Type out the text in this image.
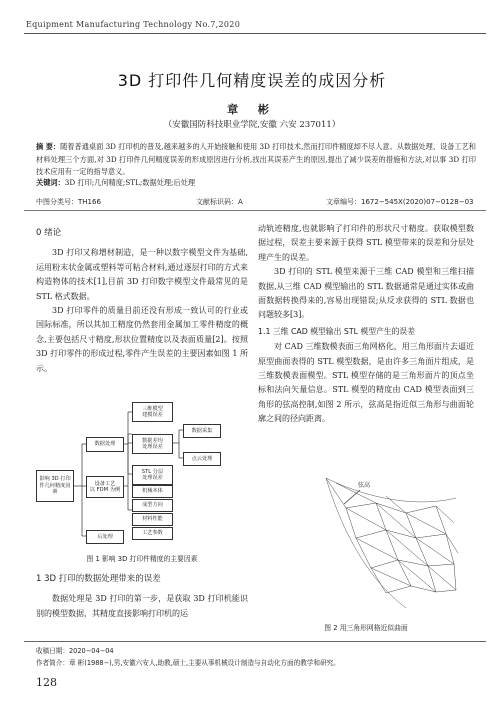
Equipment Manufacturing Technology No.7,2020
3D 打印件几何精度误差的成因分析
章 彬
（安徽国防科技职业学院,安徽 六安 237011）
摘 要：随着普通桌面 3D 打印机的普及,越来越多的人开始接触和使用 3D 打印技术,然而打印件精度却不尽人意。从数据处理、设备工艺和材料处理三个方面,对 3D 打印件几何精度误差的形成原因进行分析,找出其误差产生的原因,提出了减少误差的措施和方法,对以事 3D 打印技术应用有一定的指导意义。
关键词：3D 打印;几何精度;STL;数据处理;后处理
中图分类号：TH166	文献标识码：A	文章编号：1672−545X(2020)07−0128−03
0 绪论

3D 打印又称增材制造，是一种以数字模型文件为基础,运用粉末状金属或塑料等可粘合材料,通过逐层打印的方式来构造物体的技术[1],目前 3D 打印数字模型文件最常见的是 STL 格式数据。

3D 打印零件的质量目前还没有形成一致认可的行业或国际标准，所以其加工精度仍然套用金属加工零件精度的概念,主要包括尺寸精度,形状位置精度以及表面质量[2]。按照 3D 打印零件的形成过程,零件产生误差的主要因素如图 1 所示。

影响 3D 打印件几何精度因素
数据处理
设备工艺
以 FDM 为例
后处理
三维模型
建模误差
数据差均
处理误差
STL 分层
处理误差
数据采集
点云处理
机械本体
成型方向
材料性能
工艺参数
图 1 影响 3D 打印件精度的主要因素
1 3D 打印的数据处理带来的误差

数据处理是 3D 打印的第一步，是获取 3D 打印机能识别的模型数据，其精度直接影响打印机的运

动轨迹精度,也就影响了打印件的形状尺寸精度。获取模型数据过程，误差主要来源于获得 STL 模型带来的误差和分层处理产生的误差。

3D 打印的 STL 模型来源于三维 CAD 模型和三维扫描数据,从三维 CAD 模型输出的 STL 数据通常是通过实体或曲面数据转换得来的,容易出现错误;从反求获得的 STL 数据也问题较多[3]。

1.1 三维 CAD 模型输出 STL 模型产生的误差

对 CAD 三维数模表面三角网格化，用三角形面片去逼近原型曲面表得的 STL 模型数据，是由许多三角面片组成，是三维数模表面模型。STL 模型存储的是三角形面片的顶点坐标和法向矢量信息。STL 模型的精度由 CAD 模型表面到三角形的弦高控制,如图 2 所示，弦高是指近似三角形与曲面轮廓之间的径向距离。

弦高
图 2 用三角形网格近似曲面
收稿日期：2020−04−04
作者简介：章 彬(1988−),男,安徽六安人,助教,硕士,主要从事机械设计制造与自动化方面的教学和研究。
128
